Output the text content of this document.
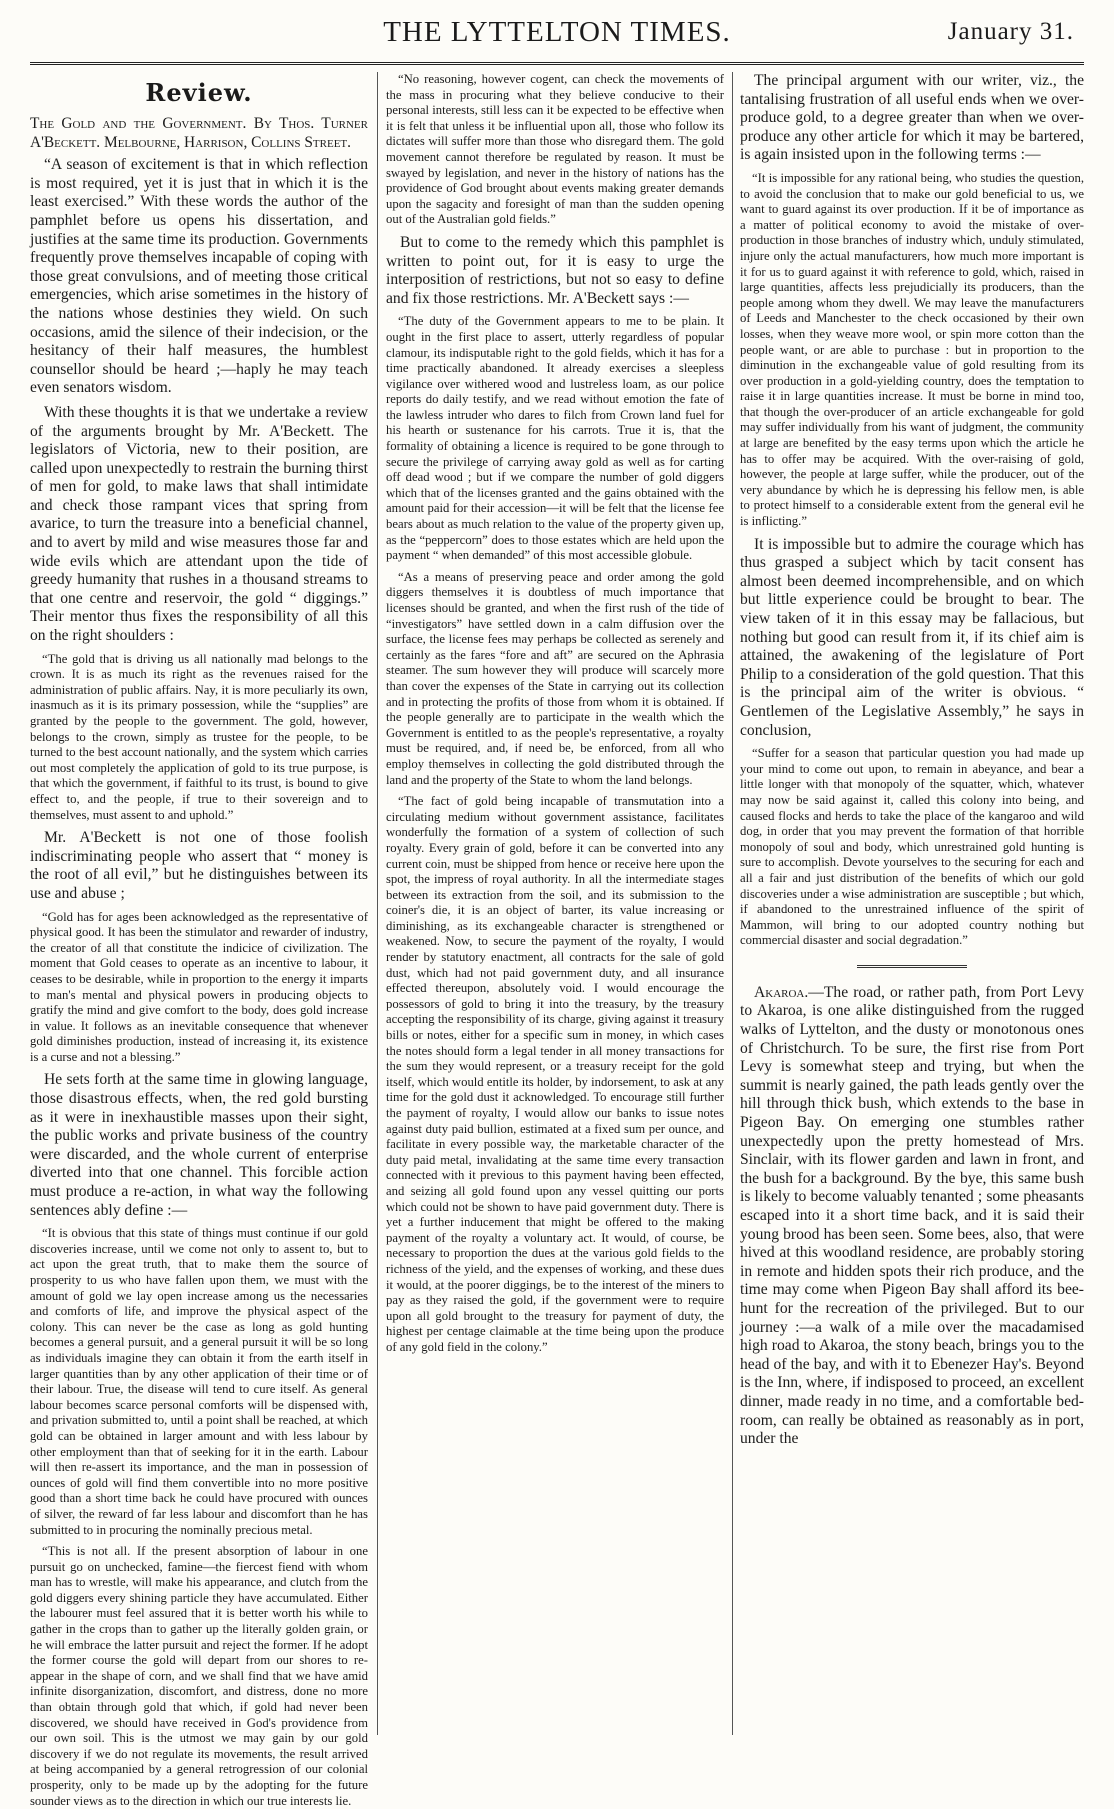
THE LYTTELTON TIMES.	January 31.
Review.

The Gold and the Government. By Thos. Turner A'Beckett. Melbourne, Harrison, Collins Street.

“A season of excitement is that in which reflection is most required, yet it is just that in which it is the least exercised.” With these words the author of the pamphlet before us opens his dissertation, and justifies at the same time its production. Governments frequently prove themselves incapable of coping with those great convulsions, and of meeting those critical emergencies, which arise sometimes in the history of the nations whose destinies they wield. On such occasions, amid the silence of their indecision, or the hesitancy of their half measures, the humblest counsellor should be heard ;—haply he may teach even senators wisdom.

With these thoughts it is that we undertake a review of the arguments brought by Mr. A'Beckett. The legislators of Victoria, new to their position, are called upon unexpectedly to restrain the burning thirst of men for gold, to make laws that shall intimidate and check those rampant vices that spring from avarice, to turn the treasure into a beneficial channel, and to avert by mild and wise measures those far and wide evils which are attendant upon the tide of greedy humanity that rushes in a thousand streams to that one centre and reservoir, the gold “ diggings.” Their mentor thus fixes the responsibility of all this on the right shoulders :

“The gold that is driving us all nationally mad belongs to the crown. It is as much its right as the revenues raised for the administration of public affairs. Nay, it is more peculiarly its own, inasmuch as it is its primary possession, while the “supplies” are granted by the people to the government. The gold, however, belongs to the crown, simply as trustee for the people, to be turned to the best account nationally, and the system which carries out most completely the application of gold to its true purpose, is that which the government, if faithful to its trust, is bound to give effect to, and the people, if true to their sovereign and to themselves, must assent to and uphold.”

Mr. A'Beckett is not one of those foolish indiscriminating people who assert that “ money is the root of all evil,” but he distinguishes between its use and abuse ;

“Gold has for ages been acknowledged as the representative of physical good. It has been the stimulator and rewarder of industry, the creator of all that constitute the indicice of civilization. The moment that Gold ceases to operate as an incentive to labour, it ceases to be desirable, while in proportion to the energy it imparts to man's mental and physical powers in producing objects to gratify the mind and give comfort to the body, does gold increase in value. It follows as an inevitable consequence that whenever gold diminishes production, instead of increasing it, its existence is a curse and not a blessing.”

He sets forth at the same time in glowing language, those disastrous effects, when, the red gold bursting as it were in inexhaustible masses upon their sight, the public works and private business of the country were discarded, and the whole current of enterprise diverted into that one channel. This forcible action must produce a re-action, in what way the following sentences ably define :—

“It is obvious that this state of things must continue if our gold discoveries increase, until we come not only to assent to, but to act upon the great truth, that to make them the source of prosperity to us who have fallen upon them, we must with the amount of gold we lay open increase among us the necessaries and comforts of life, and improve the physical aspect of the colony. This can never be the case as long as gold hunting becomes a general pursuit, and a general pursuit it will be so long as individuals imagine they can obtain it from the earth itself in larger quantities than by any other application of their time or of their labour. True, the disease will tend to cure itself. As general labour becomes scarce personal comforts will be dispensed with, and privation submitted to, until a point shall be reached, at which gold can be obtained in larger amount and with less labour by other employment than that of seeking for it in the earth. Labour will then re-assert its importance, and the man in possession of ounces of gold will find them convertible into no more positive good than a short time back he could have procured with ounces of silver, the reward of far less labour and discomfort than he has submitted to in procuring the nominally precious metal.

“This is not all. If the present absorption of labour in one pursuit go on unchecked, famine—the fiercest fiend with whom man has to wrestle, will make his appearance, and clutch from the gold diggers every shining particle they have accumulated. Either the labourer must feel assured that it is better worth his while to gather in the crops than to gather up the literally golden grain, or he will embrace the latter pursuit and reject the former. If he adopt the former course the gold will depart from our shores to re-appear in the shape of corn, and we shall find that we have amid infinite disorganization, discomfort, and distress, done no more than obtain through gold that which, if gold had never been discovered, we should have received in God's providence from our own soil. This is the utmost we may gain by our gold discovery if we do not regulate its movements, the result arrived at being accompanied by a general retrogression of our colonial prosperity, only to be made up by the adopting for the future sounder views as to the direction in which our true interests lie.

“No reasoning, however cogent, can check the movements of the mass in procuring what they believe conducive to their personal interests, still less can it be expected to be effective when it is felt that unless it be influential upon all, those who follow its dictates will suffer more than those who disregard them. The gold movement cannot therefore be regulated by reason. It must be swayed by legislation, and never in the history of nations has the providence of God brought about events making greater demands upon the sagacity and foresight of man than the sudden opening out of the Australian gold fields.”

But to come to the remedy which this pamphlet is written to point out, for it is easy to urge the interposition of restrictions, but not so easy to define and fix those restrictions. Mr. A'Beckett says :—

“The duty of the Government appears to me to be plain. It ought in the first place to assert, utterly regardless of popular clamour, its indisputable right to the gold fields, which it has for a time practically abandoned. It already exercises a sleepless vigilance over withered wood and lustreless loam, as our police reports do daily testify, and we read without emotion the fate of the lawless intruder who dares to filch from Crown land fuel for his hearth or sustenance for his carrots. True it is, that the formality of obtaining a licence is required to be gone through to secure the privilege of carrying away gold as well as for carting off dead wood ; but if we compare the number of gold diggers which that of the licenses granted and the gains obtained with the amount paid for their accession—it will be felt that the license fee bears about as much relation to the value of the property given up, as the “peppercorn” does to those estates which are held upon the payment “ when demanded” of this most accessible globule.

“As a means of preserving peace and order among the gold diggers themselves it is doubtless of much importance that licenses should be granted, and when the first rush of the tide of “investigators” have settled down in a calm diffusion over the surface, the license fees may perhaps be collected as serenely and certainly as the fares “fore and aft” are secured on the Aphrasia steamer. The sum however they will produce will scarcely more than cover the expenses of the State in carrying out its collection and in protecting the profits of those from whom it is obtained. If the people generally are to participate in the wealth which the Government is entitled to as the people's representative, a royalty must be required, and, if need be, be enforced, from all who employ themselves in collecting the gold distributed through the land and the property of the State to whom the land belongs.

“The fact of gold being incapable of transmutation into a circulating medium without government assistance, facilitates wonderfully the formation of a system of collection of such royalty. Every grain of gold, before it can be converted into any current coin, must be shipped from hence or receive here upon the spot, the impress of royal authority. In all the intermediate stages between its extraction from the soil, and its submission to the coiner's die, it is an object of barter, its value increasing or diminishing, as its exchangeable character is strengthened or weakened. Now, to secure the payment of the royalty, I would render by statutory enactment, all contracts for the sale of gold dust, which had not paid government duty, and all insurance effected thereupon, absolutely void. I would encourage the possessors of gold to bring it into the treasury, by the treasury accepting the responsibility of its charge, giving against it treasury bills or notes, either for a specific sum in money, in which cases the notes should form a legal tender in all money transactions for the sum they would represent, or a treasury receipt for the gold itself, which would entitle its holder, by indorsement, to ask at any time for the gold dust it acknowledged. To encourage still further the payment of royalty, I would allow our banks to issue notes against duty paid bullion, estimated at a fixed sum per ounce, and facilitate in every possible way, the marketable character of the duty paid metal, invalidating at the same time every transaction connected with it previous to this payment having been effected, and seizing all gold found upon any vessel quitting our ports which could not be shown to have paid government duty. There is yet a further inducement that might be offered to the making payment of the royalty a voluntary act. It would, of course, be necessary to proportion the dues at the various gold fields to the richness of the yield, and the expenses of working, and these dues it would, at the poorer diggings, be to the interest of the miners to pay as they raised the gold, if the government were to require upon all gold brought to the treasury for payment of duty, the highest per centage claimable at the time being upon the produce of any gold field in the colony.”

The principal argument with our writer, viz., the tantalising frustration of all useful ends when we over-produce gold, to a degree greater than when we over-produce any other article for which it may be bartered, is again insisted upon in the following terms :—

“It is impossible for any rational being, who studies the question, to avoid the conclusion that to make our gold beneficial to us, we want to guard against its over production. If it be of importance as a matter of political economy to avoid the mistake of over-production in those branches of industry which, unduly stimulated, injure only the actual manufacturers, how much more important is it for us to guard against it with reference to gold, which, raised in large quantities, affects less prejudicially its producers, than the people among whom they dwell. We may leave the manufacturers of Leeds and Manchester to the check occasioned by their own losses, when they weave more wool, or spin more cotton than the people want, or are able to purchase : but in proportion to the diminution in the exchangeable value of gold resulting from its over production in a gold-yielding country, does the temptation to raise it in large quantities increase. It must be borne in mind too, that though the over-producer of an article exchangeable for gold may suffer individually from his want of judgment, the community at large are benefited by the easy terms upon which the article he has to offer may be acquired. With the over-raising of gold, however, the people at large suffer, while the producer, out of the very abundance by which he is depressing his fellow men, is able to protect himself to a considerable extent from the general evil he is inflicting.”

It is impossible but to admire the courage which has thus grasped a subject which by tacit consent has almost been deemed incomprehensible, and on which but little experience could be brought to bear. The view taken of it in this essay may be fallacious, but nothing but good can result from it, if its chief aim is attained, the awakening of the legislature of Port Philip to a consideration of the gold question. That this is the principal aim of the writer is obvious. “ Gentlemen of the Legislative Assembly,” he says in conclusion,

“Suffer for a season that particular question you had made up your mind to come out upon, to remain in abeyance, and bear a little longer with that monopoly of the squatter, which, whatever may now be said against it, called this colony into being, and caused flocks and herds to take the place of the kangaroo and wild dog, in order that you may prevent the formation of that horrible monopoly of soul and body, which unrestrained gold hunting is sure to accomplish. Devote yourselves to the securing for each and all a fair and just distribution of the benefits of which our gold discoveries under a wise administration are susceptible ; but which, if abandoned to the unrestrained influence of the spirit of Mammon, will bring to our adopted country nothing but commercial disaster and social degradation.”

Akaroa.—The road, or rather path, from Port Levy to Akaroa, is one alike distinguished from the rugged walks of Lyttelton, and the dusty or monotonous ones of Christchurch. To be sure, the first rise from Port Levy is somewhat steep and trying, but when the summit is nearly gained, the path leads gently over the hill through thick bush, which extends to the base in Pigeon Bay. On emerging one stumbles rather unexpectedly upon the pretty homestead of Mrs. Sinclair, with its flower garden and lawn in front, and the bush for a background. By the bye, this same bush is likely to become valuably tenanted ; some pheasants escaped into it a short time back, and it is said their young brood has been seen. Some bees, also, that were hived at this woodland residence, are probably storing in remote and hidden spots their rich produce, and the time may come when Pigeon Bay shall afford its bee-hunt for the recreation of the privileged. But to our journey :—a walk of a mile over the macadamised high road to Akaroa, the stony beach, brings you to the head of the bay, and with it to Ebenezer Hay's. Beyond is the Inn, where, if indisposed to proceed, an excellent dinner, made ready in no time, and a comfortable bed-room, can really be obtained as reasonably as in port, under the
